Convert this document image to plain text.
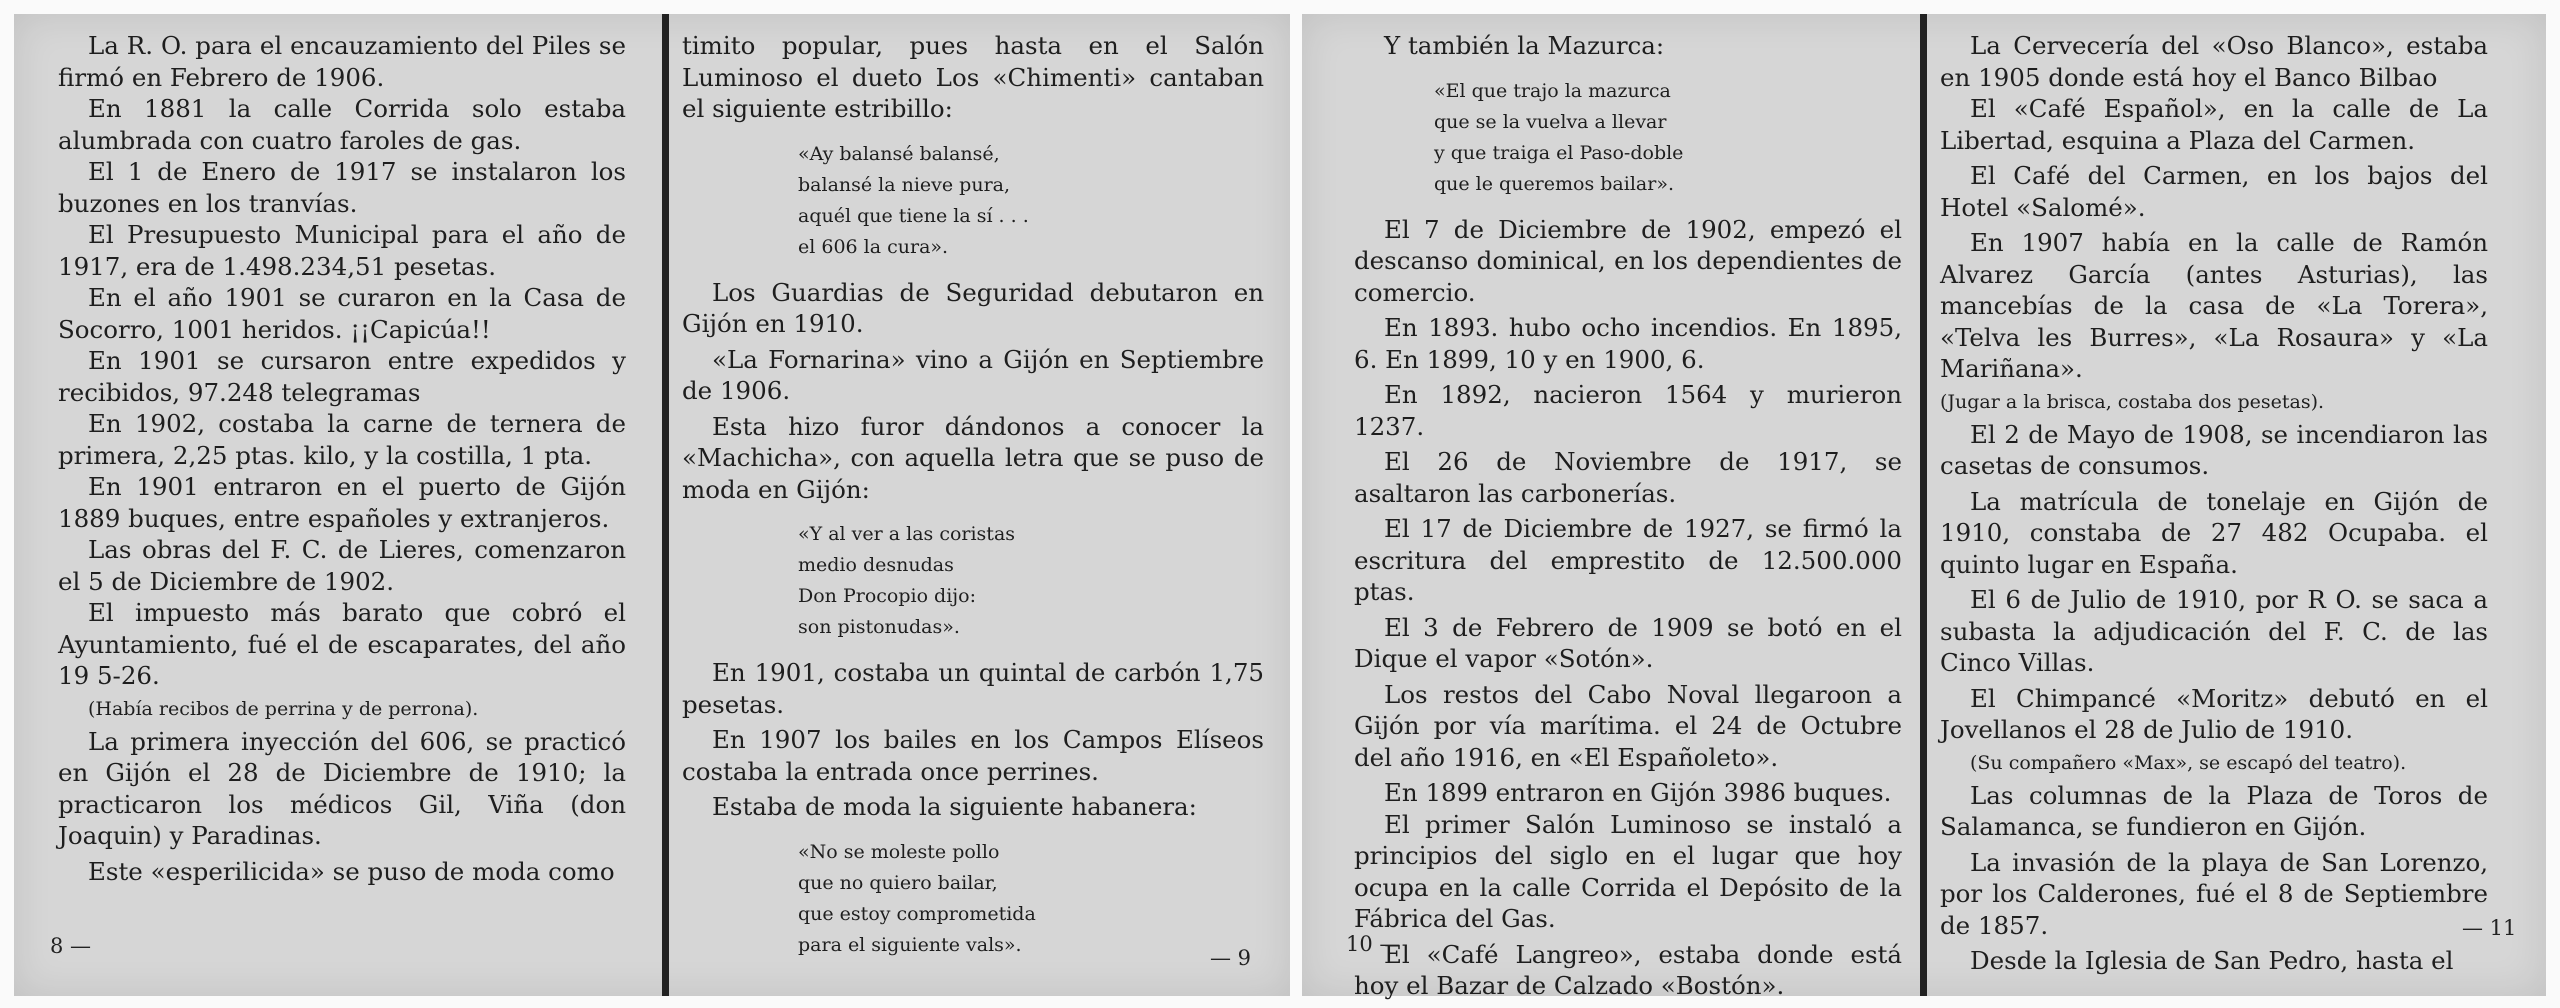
La R. O. para el encauzamiento del Piles se firmó en Febrero de 1906.

En 1881 la calle Corrida solo estaba alumbrada con cuatro faroles de gas.

El 1 de Enero de 1917 se instalaron los buzones en los tranvías.

El Presupuesto Municipal para el año de 1917, era de 1.498.234,51 pesetas.

En el año 1901 se curaron en la Casa de Socorro, 1001 heridos. ¡¡Capicúa!!

En 1901 se cursaron entre expedidos y recibidos, 97.248 telegramas

En 1902, costaba la carne de ternera de primera, 2,25 ptas. kilo, y la costilla, 1 pta.

En 1901 entraron en el puerto de Gijón 1889 buques, entre españoles y extranjeros.

Las obras del F. C. de Lieres, comenzaron el 5 de Diciembre de 1902.

El impuesto más barato que cobró el Ayuntamiento, fué el de escaparates, del año 19 5-26.

(Había recibos de perrina y de perrona).

La primera inyección del 606, se practicó en Gijón el 28 de Diciembre de 1910; la practicaron los médicos Gil, Viña (don Joaquin) y Paradinas.

Este «esperilicida» se puso de moda como

8 —

timito popular, pues hasta en el Salón Luminoso el dueto Los «Chimenti» cantaban el siguiente estribillo:

«Ay balansé balansé,
balansé la nieve pura,
aquél que tiene la sí . . .
el 606 la cura».

Los Guardias de Seguridad debutaron en Gijón en 1910.

«La Fornarina» vino a Gijón en Septiembre de 1906.

Esta hizo furor dándonos a conocer la «Machicha», con aquella letra que se puso de moda en Gijón:

«Y al ver a las coristas
medio desnudas
Don Procopio dijo:
son pistonudas».

En 1901, costaba un quintal de carbón 1,75 pesetas.

En 1907 los bailes en los Campos Elíseos costaba la entrada once perrines.

Estaba de moda la siguiente habanera:

«No se moleste pollo
que no quiero bailar,
que estoy comprometida
para el siguiente vals».
— 9

Y también la Mazurca:

«El que trajo la mazurca
que se la vuelva a llevar
y que traiga el Paso-doble
que le queremos bailar».

El 7 de Diciembre de 1902, empezó el descanso dominical, en los dependientes de comercio.

En 1893. hubo ocho incendios. En 1895, 6. En 1899, 10 y en 1900, 6.

En 1892, nacieron 1564 y murieron 1237.

El 26 de Noviembre de 1917, se asaltaron las carbonerías.

El 17 de Diciembre de 1927, se firmó la escritura del emprestito de 12.500.000 ptas.

El 3 de Febrero de 1909 se botó en el Dique el vapor «Sotón».

Los restos del Cabo Noval llegaroon a Gijón por vía marítima. el 24 de Octubre del año 1916, en «El Españoleto».

En 1899 entraron en Gijón 3986 buques.

El primer Salón Luminoso se instaló a principios del siglo en el lugar que hoy ocupa en la calle Corrida el Depósito de la Fábrica del Gas.

El «Café Langreo», estaba donde está hoy el Bazar de Calzado «Bostón».

10 —

La Cervecería del «Oso Blanco», estaba en 1905 donde está hoy el Banco Bilbao

El «Café Español», en la calle de La Libertad, esquina a Plaza del Carmen.

El Café del Carmen, en los bajos del Hotel «Salomé».

En 1907 había en la calle de Ramón Alvarez García (antes Asturias), las mancebías de la casa de «La Torera», «Telva les Burres», «La Rosaura» y «La Mariñana».

(Jugar a la brisca, costaba dos pesetas).

El 2 de Mayo de 1908, se incendiaron las casetas de consumos.

La matrícula de tonelaje en Gijón de 1910, constaba de 27 482 Ocupaba. el quinto lugar en España.

El 6 de Julio de 1910, por R O. se saca a subasta la adjudicación del F. C. de las Cinco Villas.

El Chimpancé «Moritz» debutó en el Jovellanos el 28 de Julio de 1910.

(Su compañero «Max», se escapó del teatro).

Las columnas de la Plaza de Toros de Salamanca, se fundieron en Gijón.

La invasión de la playa de San Lorenzo, por los Calderones, fué el 8 de Septiembre de 1857.

Desde la Iglesia de San Pedro, hasta el

— 11
